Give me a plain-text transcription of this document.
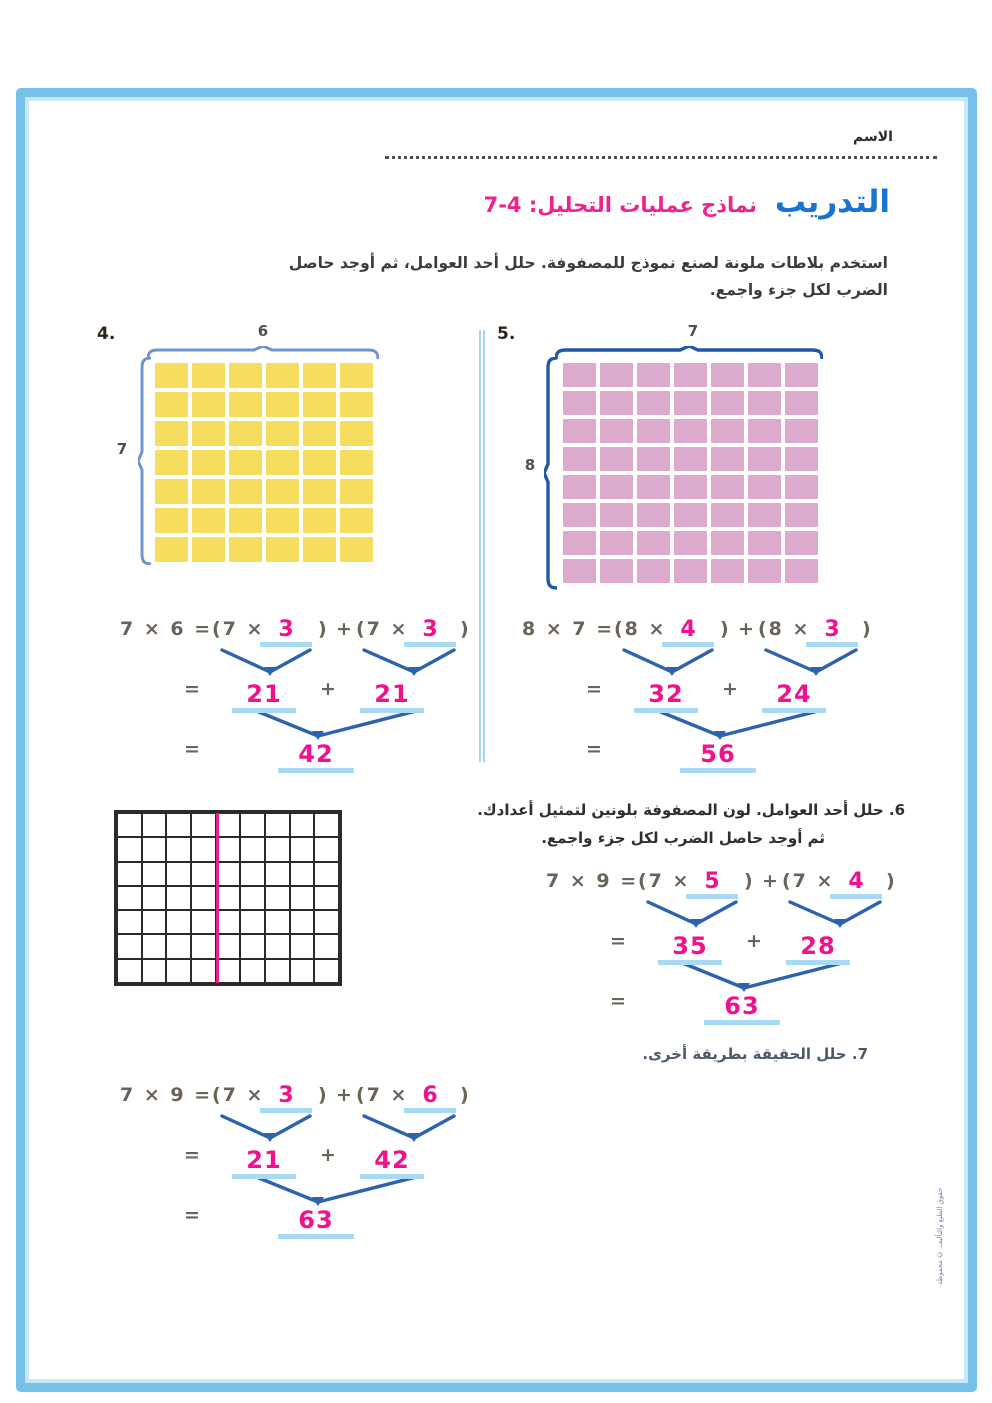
الاسم
التدريب
نماذج عمليات التحليل: 4-7

استخدم بلاطات ملونة لصنع نموذج للمصفوفة. حلل أحد العوامل، ثم أوجد حاصل
الضرب لكل جزء واجمع.

4.	6
7
5.	7
8
7 × 6 = (7 × 3	) + (7 × 3	)
=	21	+	21
=	42
8 × 7 = (8 × 4	) + (8 × 3	)
=	32	+	24
=	56
6. حلل أحد العوامل. لون المصفوفة بلونين لتمثيل أعدادك.
ثم أوجد حاصل الضرب لكل جزء واجمع.
7 × 9 = (7 × 5	) + (7 × 4	)
=	35	+	28
=	63
7. حلل الحقيقة بطريقة أخرى.
7 × 9 = (7 × 3	) + (7 × 6	)
=	21	+	42
=	63	حقوق الطبع والتأليف © محفوظة
